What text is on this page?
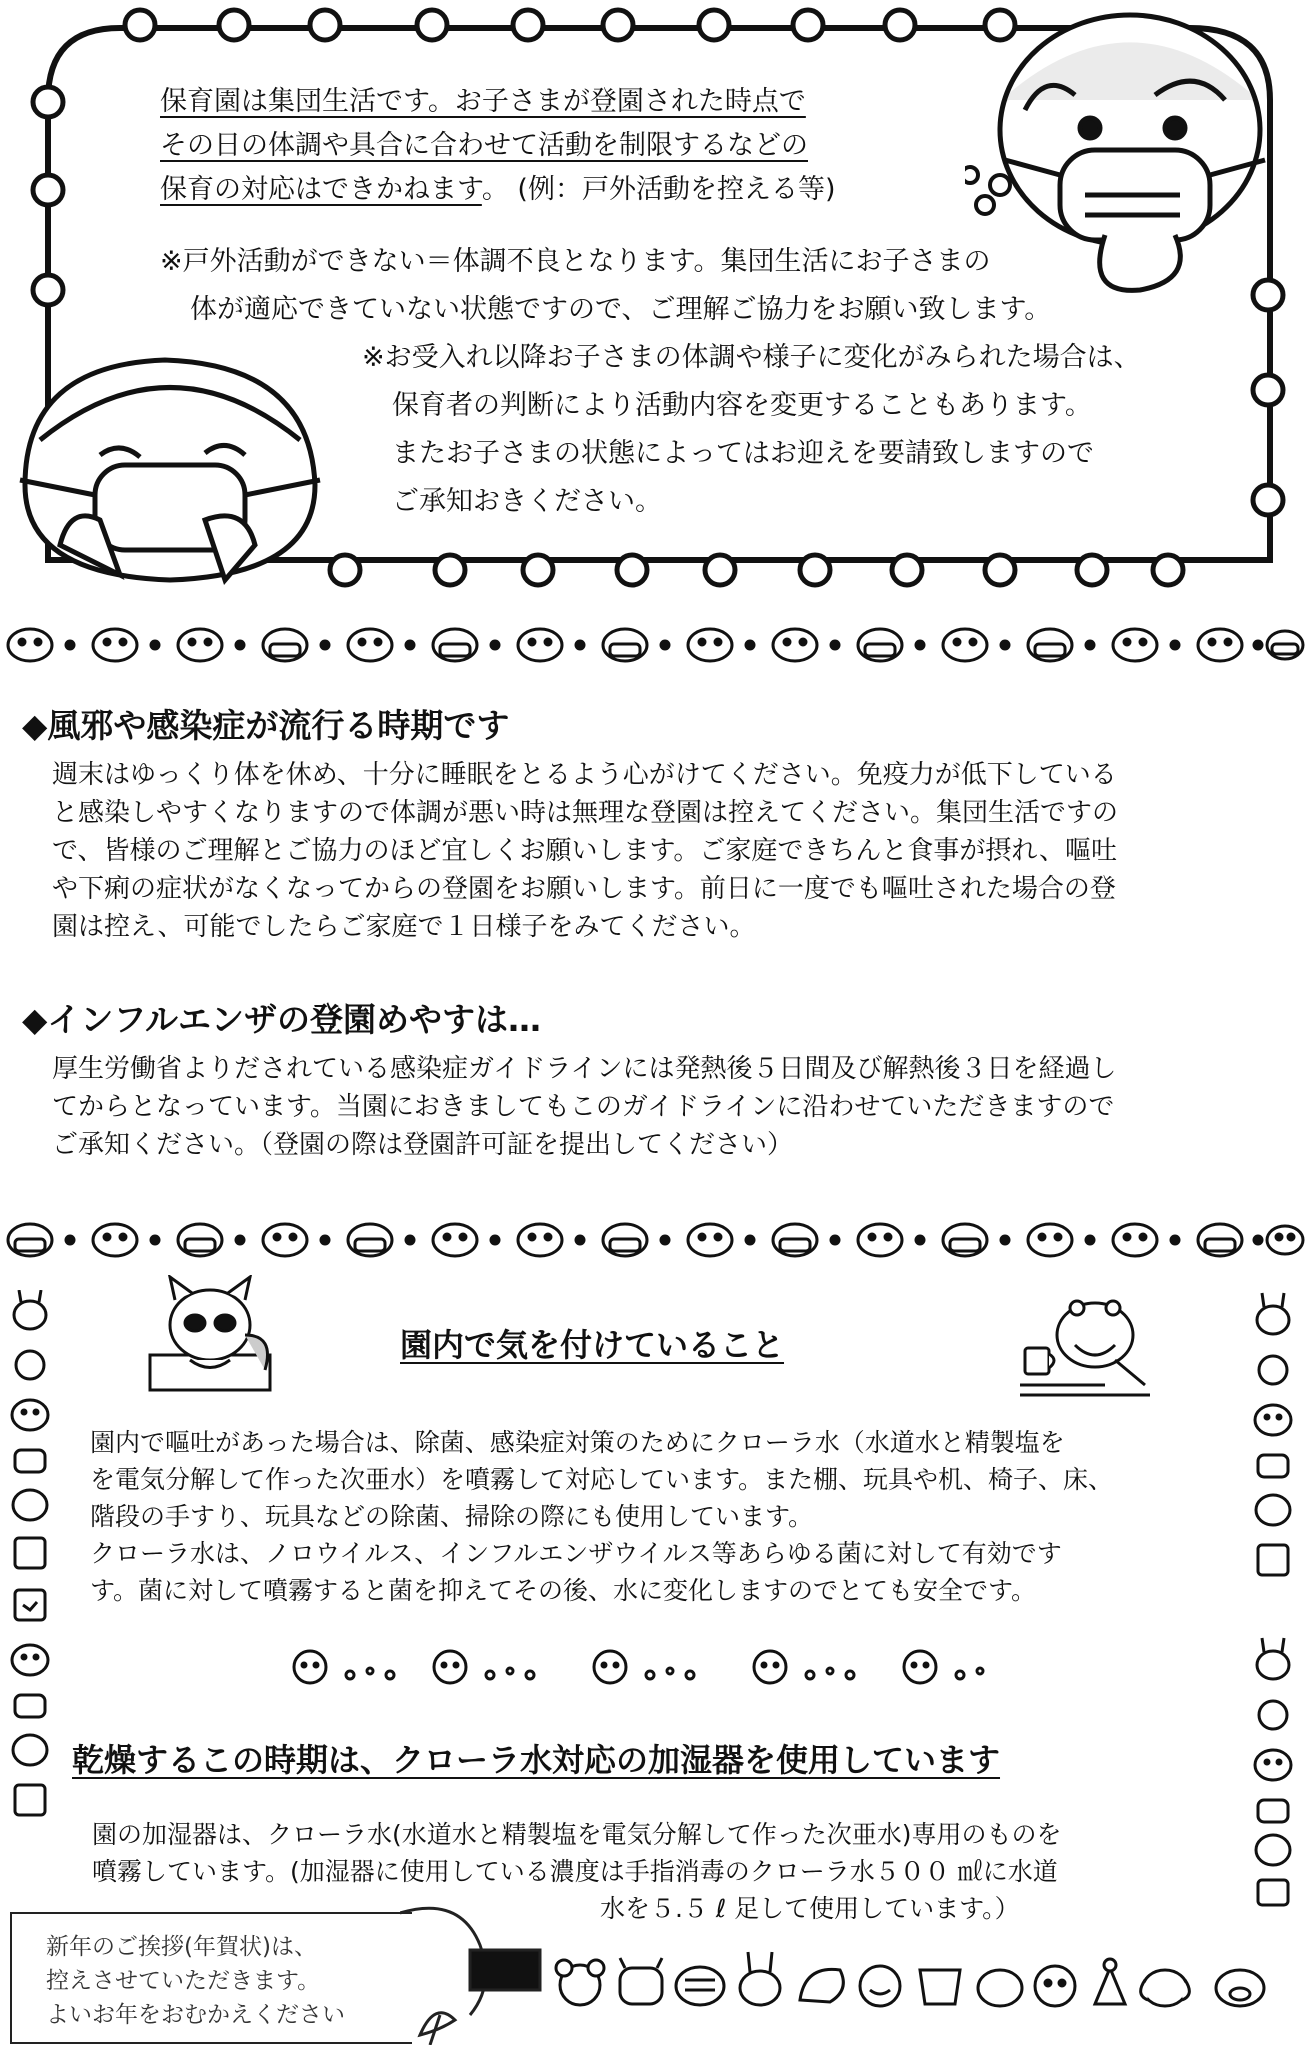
保育園は集団生活です。お子さまが登園された時点で
その日の体調や具合に合わせて活動を制限するなどの
保育の対応はできかねます。 (例：戸外活動を控える等)
※戸外活動ができない＝体調不良となります。集団生活にお子さまの
体が適応できていない状態ですので、ご理解ご協力をお願い致します。
※お受入れ以降お子さまの体調や様子に変化がみられた場合は、
保育者の判断により活動内容を変更することもあります。
またお子さまの状態によってはお迎えを要請致しますので
ご承知おきください。
◆風邪や感染症が流行る時期です
週末はゆっくり体を休め、十分に睡眠をとるよう心がけてください。免疫力が低下している
と感染しやすくなりますので体調が悪い時は無理な登園は控えてください。集団生活ですの
で、皆様のご理解とご協力のほど宜しくお願いします。ご家庭できちんと食事が摂れ、嘔吐
や下痢の症状がなくなってからの登園をお願いします。前日に一度でも嘔吐された場合の登
園は控え、可能でしたらご家庭で１日様子をみてください。
◆インフルエンザの登園めやすは…
厚生労働省よりだされている感染症ガイドラインには発熱後５日間及び解熱後３日を経過し
てからとなっています。当園におきましてもこのガイドラインに沿わせていただきますので
ご承知ください。（登園の際は登園許可証を提出してください）
園内で気を付けていること
園内で嘔吐があった場合は、除菌、感染症対策のためにクローラ水（水道水と精製塩を
を電気分解して作った次亜水）を噴霧して対応しています。また棚、玩具や机、椅子、床、
階段の手すり、玩具などの除菌、掃除の際にも使用しています。
クローラ水は、ノロウイルス、インフルエンザウイルス等あらゆる菌に対して有効です
す。菌に対して噴霧すると菌を抑えてその後、水に変化しますのでとても安全です。
乾燥するこの時期は、クローラ水対応の加湿器を使用しています
園の加湿器は、クローラ水(水道水と精製塩を電気分解して作った次亜水)専用のものを
噴霧しています。(加湿器に使用している濃度は手指消毒のクローラ水５００ ㎖に水道
水を５.５ ℓ 足して使用しています。）
新年のご挨拶(年賀状)は、
控えさせていただきます。
よいお年をおむかえください
